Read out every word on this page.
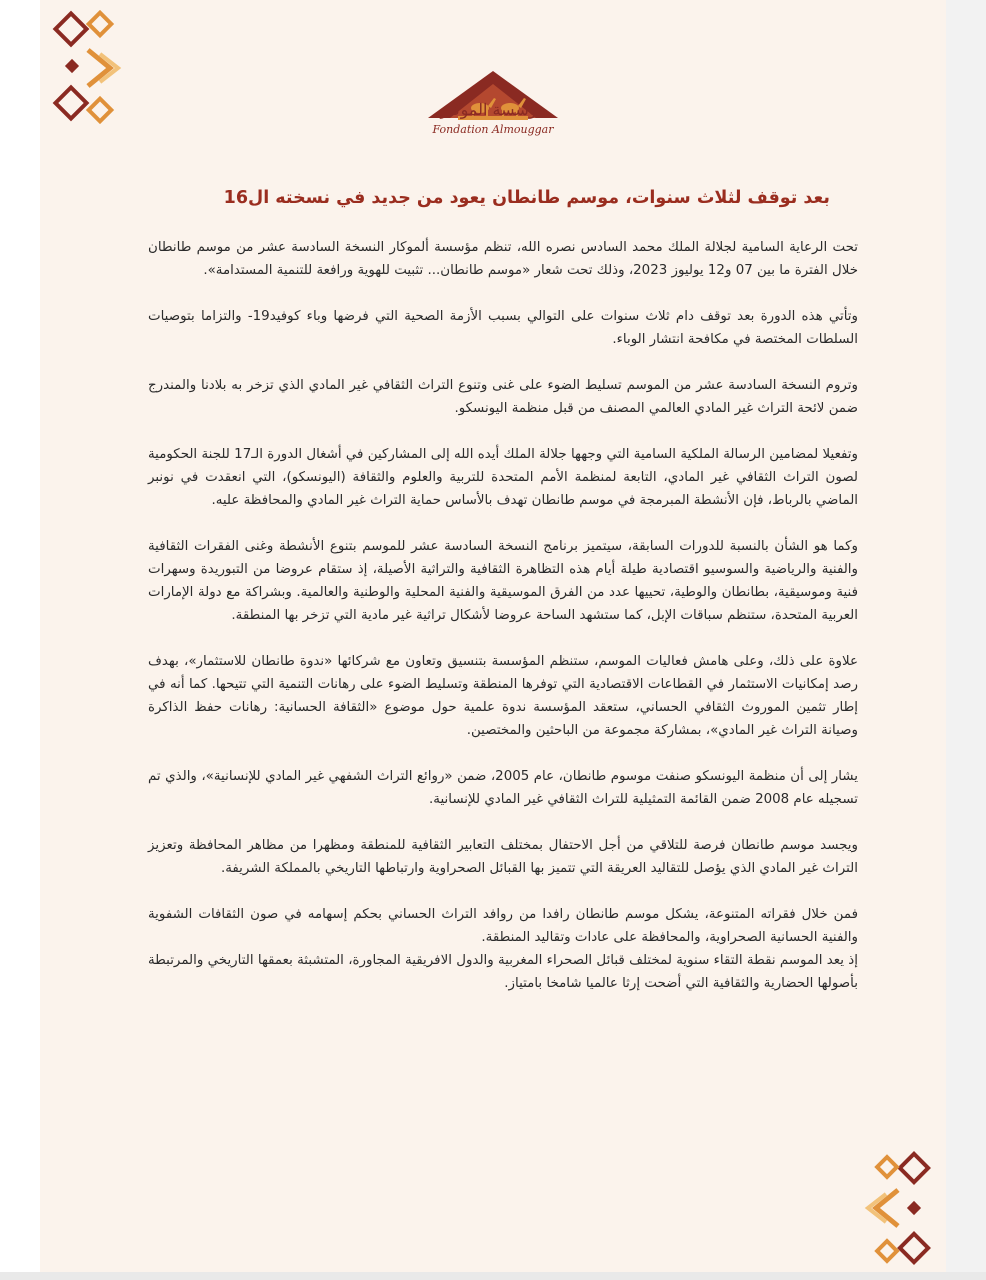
مؤسسة الموكار
Fondation Almouggar
بعد توقف لثلاث سنوات، موسم طانطان يعود من جديد في نسخته ال16

تحت الرعاية السامية لجلالة الملك محمد السادس نصره الله، تنظم مؤسسة ألموكار النسخة السادسة عشر من موسم طانطان خلال الفترة ما بين 07 و12 يوليوز 2023، وذلك تحت شعار «موسم طانطان... تثبيت للهوية ورافعة للتنمية المستدامة».

وتأتي هذه الدورة بعد توقف دام ثلاث سنوات على التوالي بسبب الأزمة الصحية التي فرضها وباء كوفيد19- والتزاما بتوصيات السلطات المختصة في مكافحة انتشار الوباء.

وتروم النسخة السادسة عشر من الموسم تسليط الضوء على غنى وتنوع التراث الثقافي غير المادي الذي تزخر به بلادنا والمندرج ضمن لائحة التراث غير المادي العالمي المصنف من قبل منظمة اليونسكو.

وتفعيلا لمضامين الرسالة الملكية السامية التي وجهها جلالة الملك أيده الله إلى المشاركين في أشغال الدورة الـ17 للجنة الحكومية لصون التراث الثقافي غير المادي، التابعة لمنظمة الأمم المتحدة للتربية والعلوم والثقافة (اليونسكو)، التي انعقدت في نونبر الماضي بالرباط، فإن الأنشطة المبرمجة في موسم طانطان تهدف بالأساس حماية التراث غير المادي والمحافظة عليه.

وكما هو الشأن بالنسبة للدورات السابقة، سيتميز برنامج النسخة السادسة عشر للموسم بتنوع الأنشطة وغنى الفقرات الثقافية والفنية والرياضية والسوسيو اقتصادية طيلة أيام هذه التظاهرة الثقافية والتراثية الأصيلة، إذ ستقام عروضا من التبوريدة وسهرات فنية وموسيقية، بطانطان والوطية، تحييها عدد من الفرق الموسيقية والفنية المحلية والوطنية والعالمية. وبشراكة مع دولة الإمارات العربية المتحدة، ستنظم سباقات الإبل، كما ستشهد الساحة عروضا لأشكال تراثية غير مادية التي تزخر بها المنطقة.

علاوة على ذلك، وعلى هامش فعاليات الموسم، ستنظم المؤسسة بتنسيق وتعاون مع شركائها «ندوة طانطان للاستثمار»، بهدف رصد إمكانيات الاستثمار في القطاعات الاقتصادية التي توفرها المنطقة وتسليط الضوء على رهانات التنمية التي تتيحها. كما أنه في إطار تثمين الموروث الثقافي الحساني، ستعقد المؤسسة ندوة علمية حول موضوع «الثقافة الحسانية: رهانات حفظ الذاكرة وصيانة التراث غير المادي»، بمشاركة مجموعة من الباحثين والمختصين.

يشار إلى أن منظمة اليونسكو صنفت موسوم طانطان، عام 2005، ضمن «روائع التراث الشفهي غير المادي للإنسانية»، والذي تم تسجيله عام 2008 ضمن القائمة التمثيلية للتراث الثقافي غير المادي للإنسانية.

ويجسد موسم طانطان فرصة للتلاقي من أجل الاحتفال بمختلف التعابير الثقافية للمنطقة ومظهرا من مظاهر المحافظة وتعزيز التراث غير المادي الذي يؤصل للتقاليد العريقة التي تتميز بها القبائل الصحراوية وارتباطها التاريخي بالمملكة الشريفة.

فمن خلال فقراته المتنوعة، يشكل موسم طانطان رافدا من روافد التراث الحساني بحكم إسهامه في صون الثقافات الشفوية والفنية الحسانية الصحراوية، والمحافظة على عادات وتقاليد المنطقة.

إذ يعد الموسم نقطة التقاء سنوية لمختلف قبائل الصحراء المغربية والدول الافريقية المجاورة، المتشبثة بعمقها التاريخي والمرتبطة بأصولها الحضارية والثقافية التي أضحت إرثا عالميا شامخا بامتياز.
